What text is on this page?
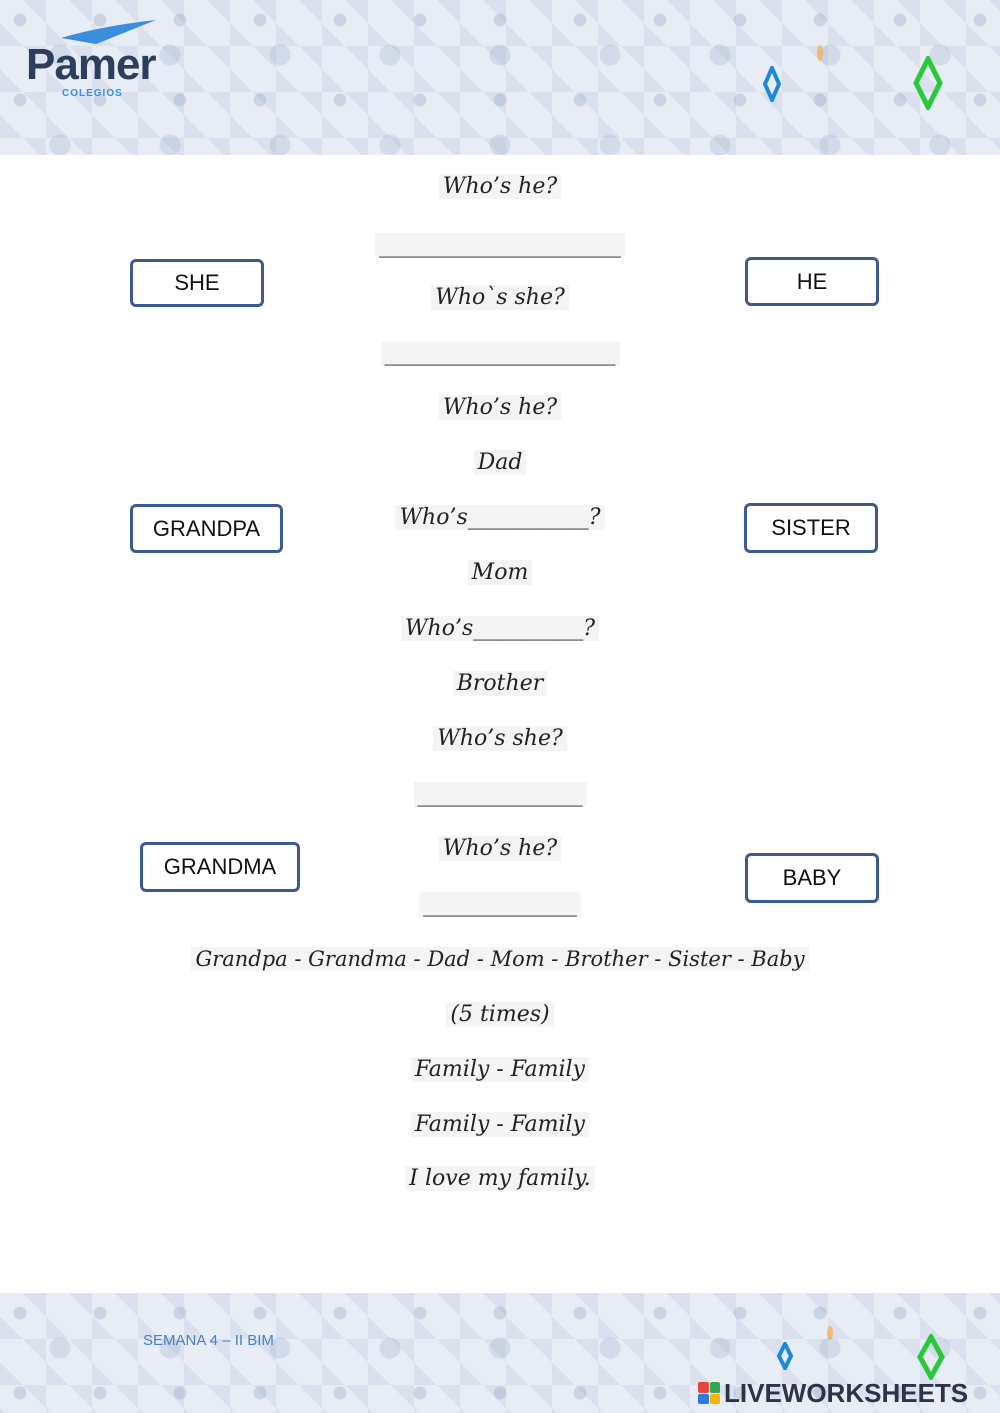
Pamer
COLEGIOS
SHE	HE
GRANDPA	SISTER
GRANDMA	BABY
Who’s he?
______________________
Who`s she?
_____________________
Who’s he?
Dad
Who’s___________?
Mom
Who’s__________?
Brother
Who’s she?
_______________
Who’s he?
______________
Grandpa - Grandma - Dad - Mom - Brother - Sister - Baby
(5 times)
Family - Family
Family - Family
I love my family.
SEMANA 4 – II BIM
LIVEWORKSHEETS
